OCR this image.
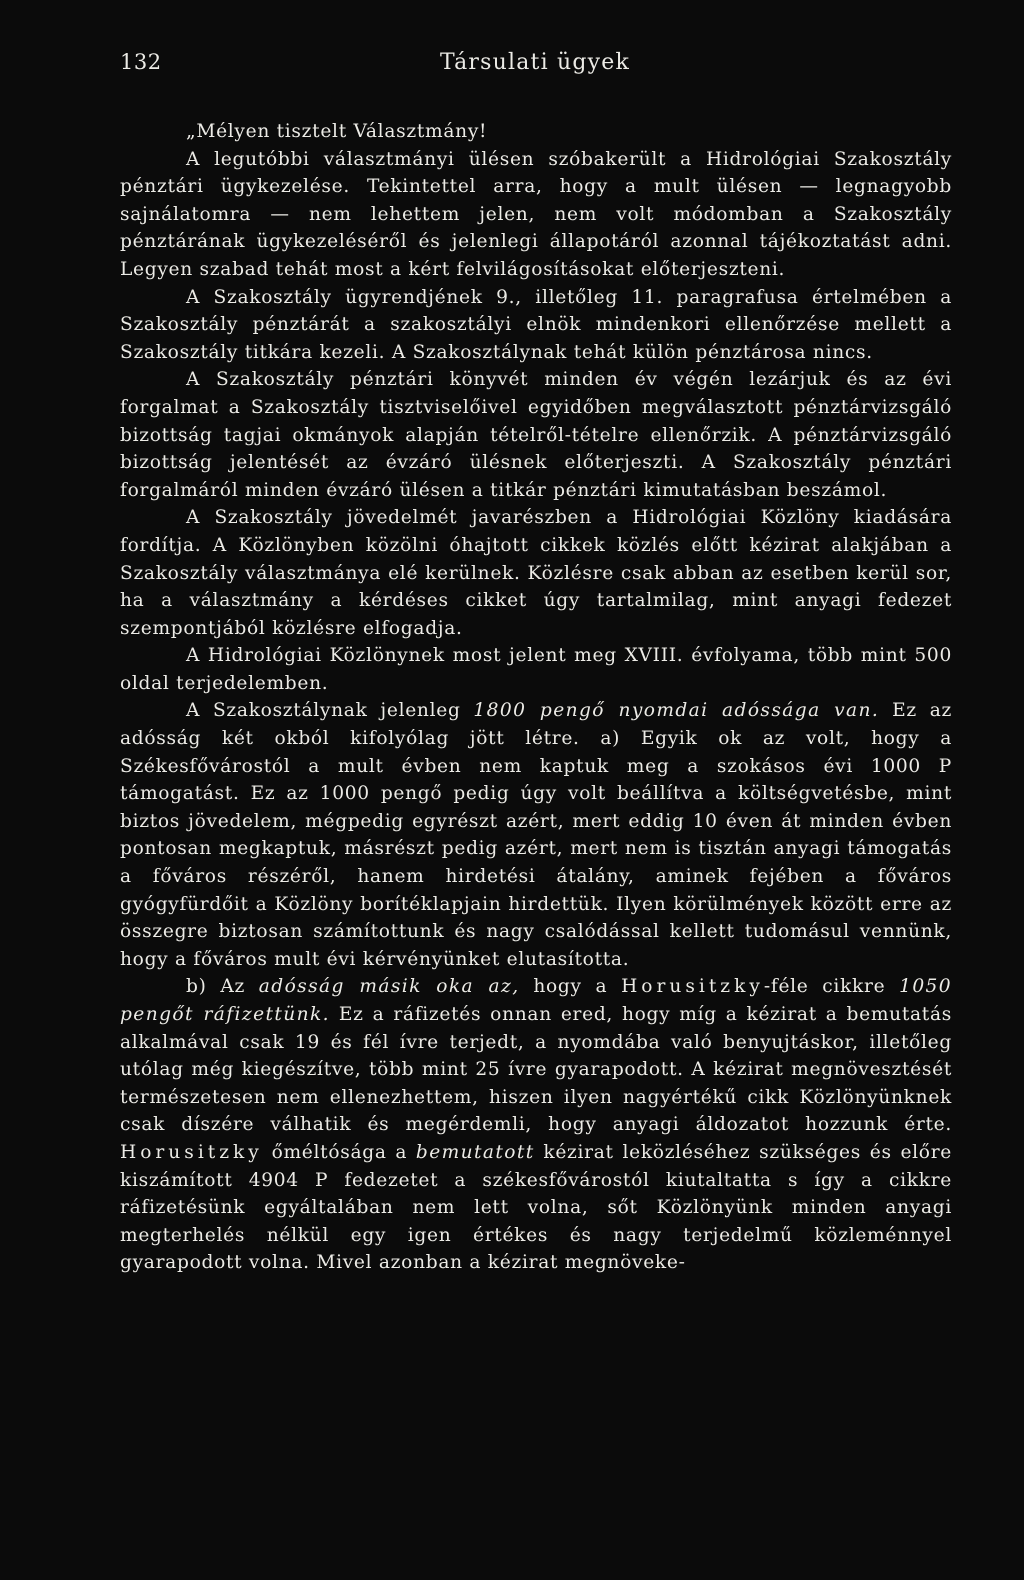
132	Társulati ügyek

„Mélyen tisztelt Választmány!

A legutóbbi választmányi ülésen szóbakerült a Hidrológiai Szakosztály pénztári ügykezelése. Tekintettel arra, hogy a mult ülésen — legnagyobb sajnálatomra — nem lehettem jelen, nem volt módomban a Szakosztály pénztárának ügykezeléséről és jelenlegi állapotáról azonnal tájékoztatást adni. Legyen szabad tehát most a kért felvilágosításokat előterjeszteni.

A Szakosztály ügyrendjének 9., illetőleg 11. paragrafusa értelmében a Szakosztály pénztárát a szakosztályi elnök mindenkori ellenőrzése mellett a Szakosztály titkára kezeli. A Szakosztálynak tehát külön pénztárosa nincs.

A Szakosztály pénztári könyvét minden év végén lezárjuk és az évi forgalmat a Szakosztály tisztviselőivel egyidőben megválasztott pénztárvizsgáló bizottság tagjai okmányok alapján tételről-tételre ellenőrzik. A pénztárvizsgáló bizottság jelentését az évzáró ülésnek előterjeszti. A Szakosztály pénztári forgalmáról minden évzáró ülésen a titkár pénztári kimutatásban beszámol.

A Szakosztály jövedelmét javarészben a Hidrológiai Közlöny kiadására fordítja. A Közlönyben közölni óhajtott cikkek közlés előtt kézirat alakjában a Szakosztály választmánya elé kerülnek. Közlésre csak abban az esetben kerül sor, ha a választmány a kérdéses cikket úgy tartalmilag, mint anyagi fedezet szempontjából közlésre elfogadja.

A Hidrológiai Közlönynek most jelent meg XVIII. évfolyama, több mint 500 oldal terjedelemben.

A Szakosztálynak jelenleg 1800 pengő nyomdai adóssága van. Ez az adósság két okból kifolyólag jött létre. a) Egyik ok az volt, hogy a Székesfővárostól a mult évben nem kaptuk meg a szokásos évi 1000 P támogatást. Ez az 1000 pengő pedig úgy volt beállítva a költségvetésbe, mint biztos jövedelem, mégpedig egyrészt azért, mert eddig 10 éven át minden évben pontosan megkaptuk, másrészt pedig azért, mert nem is tisztán anyagi támogatás a főváros részéről, hanem hirdetési átalány, aminek fejében a főváros gyógyfürdőit a Közlöny borítéklapjain hirdettük. Ilyen körülmények között erre az összegre biztosan számítottunk és nagy csalódással kellett tudomásul vennünk, hogy a főváros mult évi kérvényünket elutasította.

b) Az adósság másik oka az, hogy a Horusitzky-féle cikkre 1050 pengőt ráfizettünk. Ez a ráfizetés onnan ered, hogy míg a kézirat a bemutatás alkalmával csak 19 és fél ívre terjedt, a nyomdába való benyujtáskor, illetőleg utólag még kiegészítve, több mint 25 ívre gyarapodott. A kézirat megnövesztését természetesen nem ellenezhettem, hiszen ilyen nagyértékű cikk Közlönyünknek csak díszére válhatik és megérdemli, hogy anyagi áldozatot hozzunk érte. Horusitzky őméltósága a bemutatott kézirat leközléséhez szükséges és előre kiszámított 4904 P fedezetet a székesfővárostól kiutaltatta s így a cikkre ráfizetésünk egyáltalában nem lett volna, sőt Közlönyünk minden anyagi megterhelés nélkül egy igen értékes és nagy terjedelmű közleménnyel gyarapodott volna. Mivel azonban a kézirat megnöveke-
